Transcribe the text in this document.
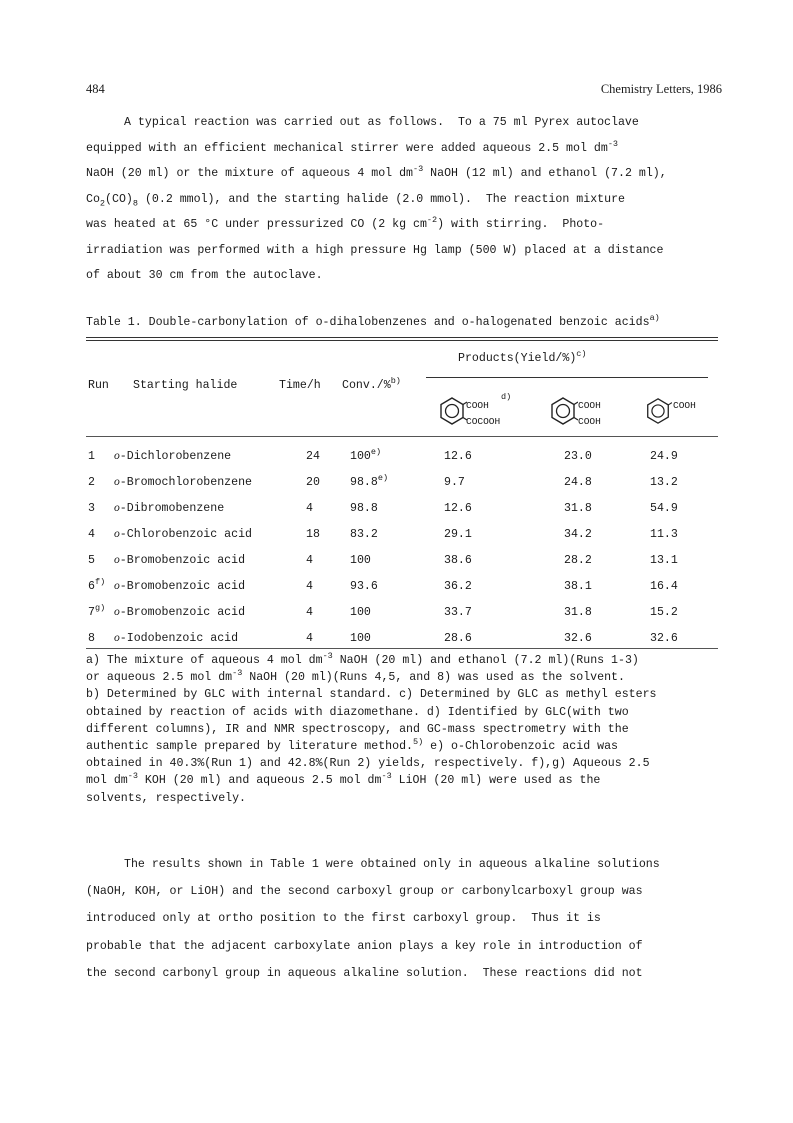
484	Chemistry Letters, 1986
A typical reaction was carried out as follows.  To a 75 ml Pyrex autoclave
equipped with an efficient mechanical stirrer were added aqueous 2.5 mol $dm^{-3}$
NaOH (20 ml) or the mixture of aqueous 4 mol $dm^{-3}$ NaOH (12 ml) and ethanol (7.2 ml),
$Co_2(CO)_8$ (0.2 mmol), and the starting halide (2.0 mmol).  The reaction mixture
was heated at 65 °C under pressurized CO (2 kg $cm^{-2}$) with stirring.  Photo-
irradiation was performed with a high pressure Hg lamp (500 W) placed at a distance
of about 30 cm from the autoclave.
Table 1. Double-carbonylation of o-dihalobenzenes and o-halogenated benzoic acids$^{a)}$
Products(Yield/%)$^{c)}$
Run Starting halide	Time/h Conv./%$^{b)}$
COOH
$^{d)}$
COCOOH
COOH
COOH
COOH
1	o-Dichlorobenzene	24	100$^{e)}$	12.6	23.0	24.9
2	o-Bromochlorobenzene	20	98.8$^{e)}$	9.7	24.8	13.2
3	o-Dibromobenzene	4	98.8	12.6	31.8	54.9
4	o-Chlorobenzoic acid	18	83.2	29.1	34.2	11.3
5	o-Bromobenzoic acid	4	100	38.6	28.2	13.1
6$^{f)}$	o-Bromobenzoic acid	4	93.6	36.2	38.1	16.4
7$^{g)}$	o-Bromobenzoic acid	4	100	33.7	31.8	15.2
8	o-Iodobenzoic acid	4	100	28.6	32.6	32.6
a) The mixture of aqueous 4 mol $dm^{-3}$ NaOH (20 ml) and ethanol (7.2 ml)(Runs 1-3)
or aqueous 2.5 mol $dm^{-3}$ NaOH (20 ml)(Runs 4,5, and 8) was used as the solvent.
b) Determined by GLC with internal standard. c) Determined by GLC as methyl esters
obtained by reaction of acids with diazomethane. d) Identified by GLC(with two
different columns), IR and NMR spectroscopy, and GC-mass spectrometry with the
authentic sample prepared by literature method.$^{5)}$ e) o-Chlorobenzoic acid was
obtained in 40.3%(Run 1) and 42.8%(Run 2) yields, respectively. f),g) Aqueous 2.5
mol $dm^{-3}$ KOH (20 ml) and aqueous 2.5 mol $dm^{-3}$ LiOH (20 ml) were used as the
solvents, respectively.
The results shown in Table 1 were obtained only in aqueous alkaline solutions
(NaOH, KOH, or LiOH) and the second carboxyl group or carbonylcarboxyl group was
introduced only at ortho position to the first carboxyl group.  Thus it is
probable that the adjacent carboxylate anion plays a key role in introduction of
the second carbonyl group in aqueous alkaline solution.  These reactions did not
